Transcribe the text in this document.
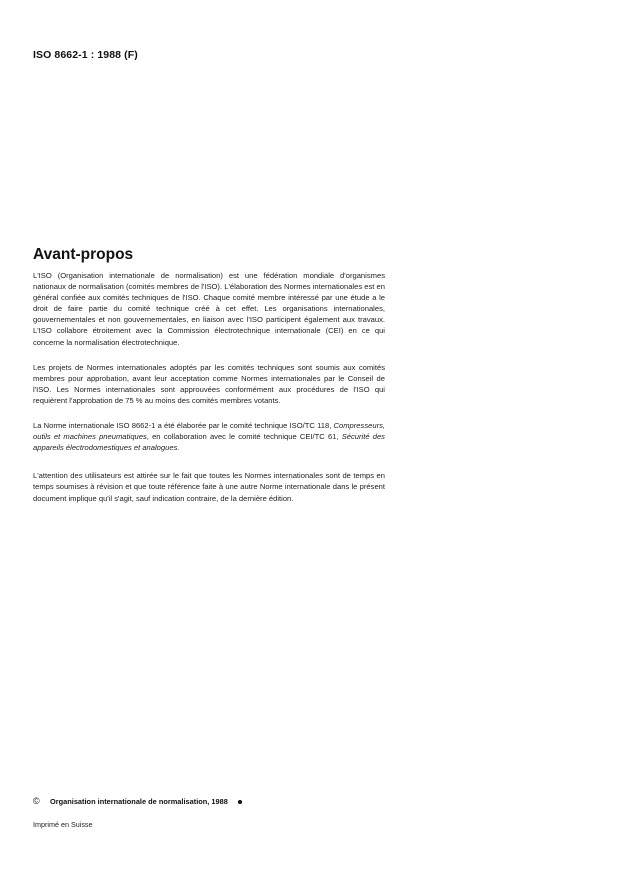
ISO 8662-1 : 1988 (F)
Avant-propos

L'ISO (Organisation internationale de normalisation) est une fédération mondiale d'organismes nationaux de normalisation (comités membres de l'ISO). L'élaboration des Normes internationales est en général confiée aux comités techniques de l'ISO. Chaque comité membre intéressé par une étude a le droit de faire partie du comité technique créé à cet effet. Les organisations internationales, gouvernementales et non gouvernementales, en liaison avec l'ISO participent également aux travaux. L'ISO collabore étroitement avec la Commission électrotechnique internationale (CEI) en ce qui concerne la normalisation électrotechnique.

Les projets de Normes internationales adoptés par les comités techniques sont soumis aux comités membres pour approbation, avant leur acceptation comme Normes internationales par le Conseil de l'ISO. Les Normes internationales sont approuvées conformément aux procédures de l'ISO qui requièrent l'approbation de 75 % au moins des comités membres votants.

La Norme internationale ISO 8662-1 a été élaborée par le comité technique ISO/TC 118, Compresseurs, outils et machines pneumatiques, en collaboration avec le comité technique CEI/TC 61, Sécurité des appareils électrodomestiques et analogues.

L'attention des utilisateurs est attirée sur le fait que toutes les Normes internationales sont de temps en temps soumises à révision et que toute référence faite à une autre Norme internationale dans le présent document implique qu'il s'agit, sauf indication contraire, de la dernière édition.

©	Organisation internationale de normalisation, 1988
Imprimé en Suisse
